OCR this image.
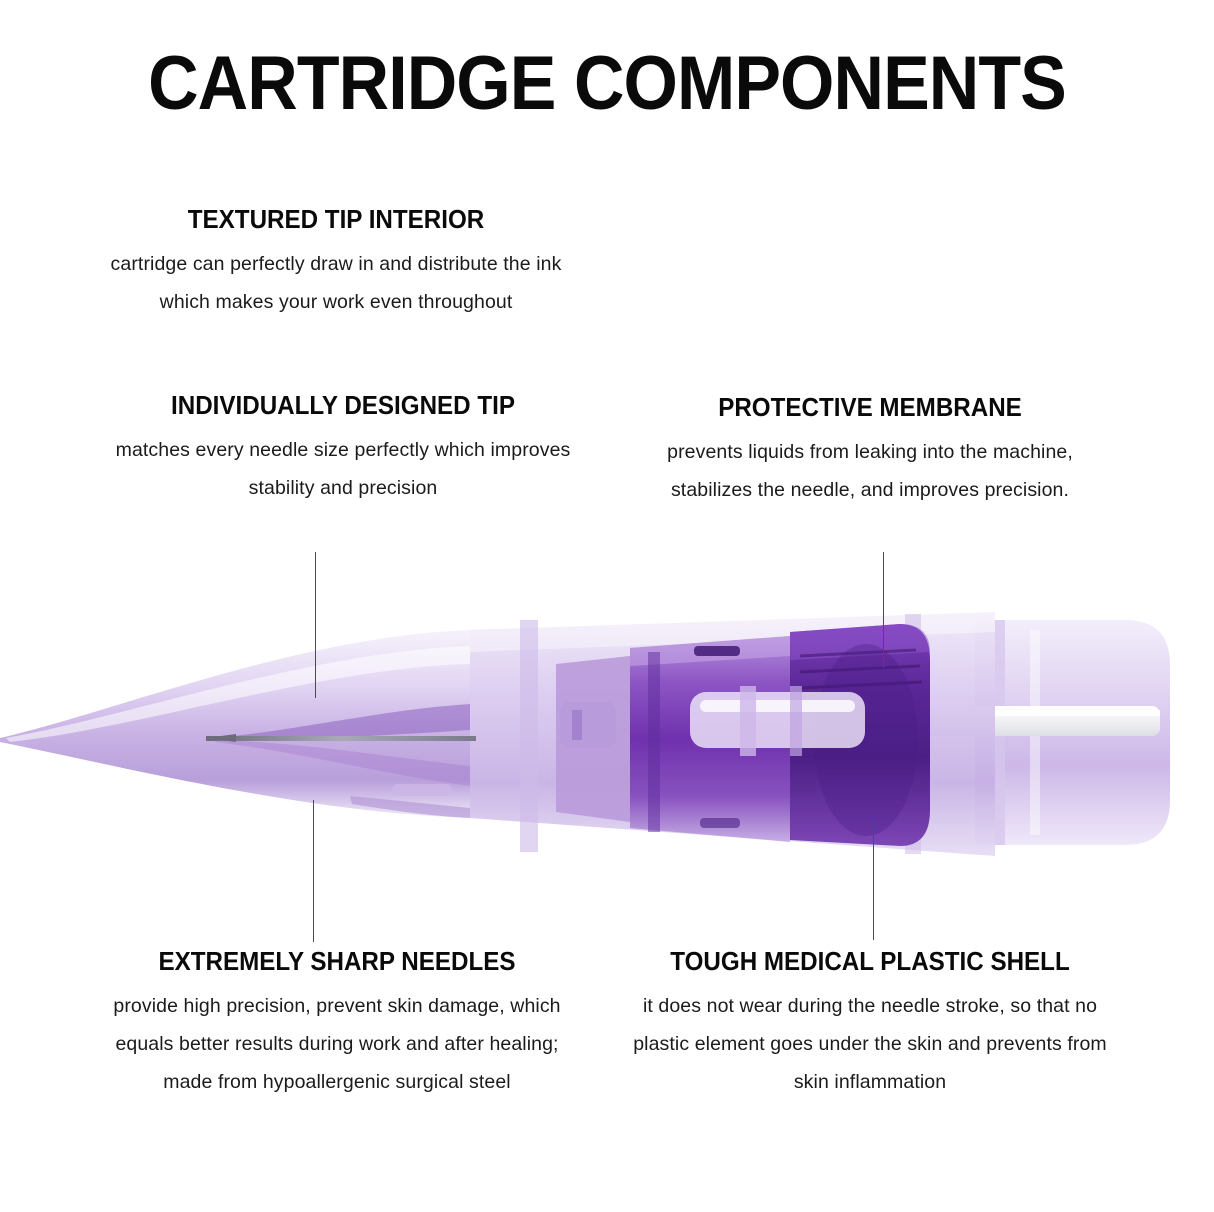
CARTRIDGE COMPONENTS
TEXTURED TIP INTERIOR
cartridge can perfectly draw in and distribute the ink which makes your work even throughout
INDIVIDUALLY DESIGNED TIP
matches every needle size perfectly which improves stability and precision
PROTECTIVE MEMBRANE
prevents liquids from leaking into the machine, stabilizes the needle, and improves precision.
EXTREMELY SHARP NEEDLES
provide high precision, prevent skin damage, which equals better results during work and after healing; made from hypoallergenic surgical steel
TOUGH MEDICAL PLASTIC SHELL
it does not wear during the needle stroke, so that no plastic element goes under the skin and prevents from skin inflammation
